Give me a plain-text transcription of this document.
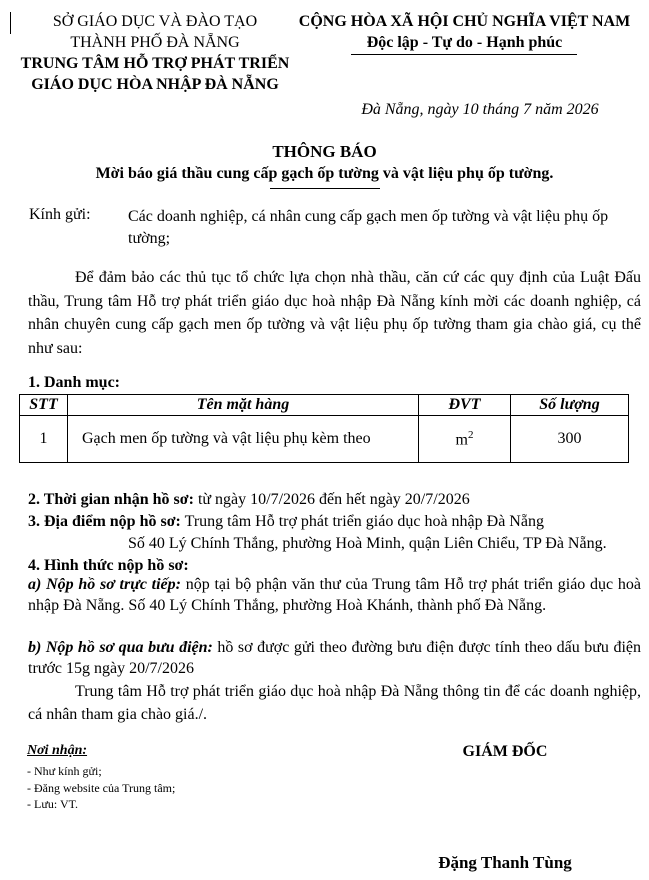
SỞ GIÁO DỤC VÀ ĐÀO TẠO
THÀNH PHỐ ĐÀ NẴNG
TRUNG TÂM HỖ TRỢ PHÁT TRIỂN
GIÁO DỤC HÒA NHẬP ĐÀ NẴNG
CỘNG HÒA XÃ HỘI CHỦ NGHĨA VIỆT NAM
Độc lập - Tự do - Hạnh phúc
Đà Nẵng, ngày 10 tháng 7 năm 2026
THÔNG BÁO
Mời báo giá thầu cung cấp gạch ốp tường và vật liệu phụ ốp tường.
Kính gửi: Các doanh nghiệp, cá nhân cung cấp gạch men ốp tường và vật liệu phụ ốp tường;
Để đảm bảo các thủ tục tổ chức lựa chọn nhà thầu, căn cứ các quy định của Luật Đấu thầu, Trung tâm Hỗ trợ phát triển giáo dục hoà nhập Đà Nẵng kính mời các doanh nghiệp, cá nhân chuyên cung cấp gạch men ốp tường và vật liệu phụ ốp tường tham gia chào giá, cụ thể như sau:
1. Danh mục:
STT	Tên mặt hàng	ĐVT	Số lượng
1	Gạch men ốp tường và vật liệu phụ kèm theo	$m^2$	300
2. Thời gian nhận hồ sơ: từ ngày 10/7/2026 đến hết ngày 20/7/2026
3. Địa điểm nộp hồ sơ: Trung tâm Hỗ trợ phát triển giáo dục hoà nhập Đà Nẵng
Số 40 Lý Chính Thắng, phường Hoà Minh, quận Liên Chiểu, TP Đà Nẵng.
4. Hình thức nộp hồ sơ:
a) Nộp hồ sơ trực tiếp: nộp tại bộ phận văn thư của Trung tâm Hỗ trợ phát triển giáo dục hoà nhập Đà Nẵng. Số 40 Lý Chính Thắng, phường Hoà Khánh, thành phố Đà Nẵng.
b) Nộp hồ sơ qua bưu điện: hồ sơ được gửi theo đường bưu điện được tính theo dấu bưu điện trước 15g ngày 20/7/2026
Trung tâm Hỗ trợ phát triển giáo dục hoà nhập Đà Nẵng thông tin để các doanh nghiệp, cá nhân tham gia chào giá./.
Nơi nhận:
- Như kính gửi;
- Đăng website của Trung tâm;
- Lưu: VT.
GIÁM ĐỐC
Đặng Thanh Tùng
